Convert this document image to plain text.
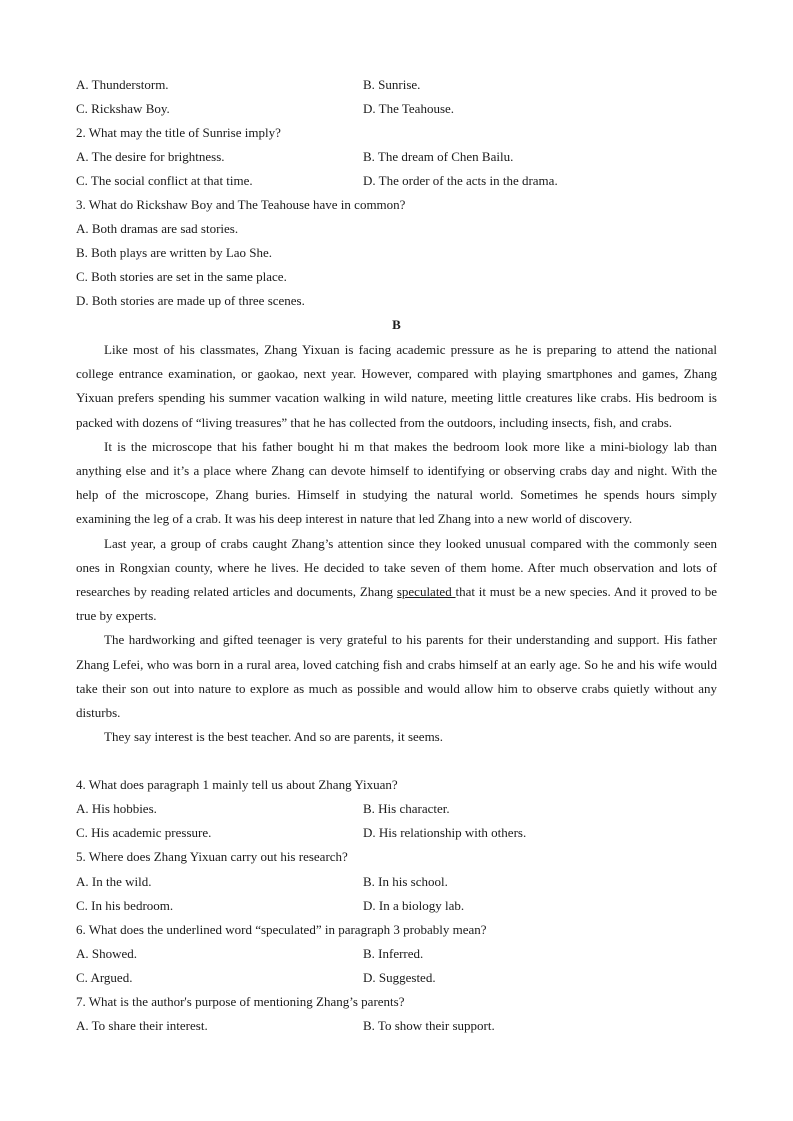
A. Thunderstorm.	B. Sunrise.
C. Rickshaw Boy.	D. The Teahouse.
2. What may the title of Sunrise imply?
A. The desire for brightness.	B. The dream of Chen Bailu.
C. The social conflict at that time.	D. The order of the acts in the drama.
3. What do Rickshaw Boy and The Teahouse have in common?
A. Both dramas are sad stories.
B. Both plays are written by Lao She.
C. Both stories are set in the same place.
D. Both stories are made up of three scenes.
B

Like most of his classmates, Zhang Yixuan is facing academic pressure as he is preparing to attend the national college entrance examination, or gaokao, next year. However, compared with playing smartphones and games, Zhang Yixuan prefers spending his summer vacation walking in wild nature, meeting little creatures like crabs. His bedroom is packed with dozens of “living treasures” that he has collected from the outdoors, including insects, fish, and crabs.

It is the microscope that his father bought hi m that makes the bedroom look more like a mini-biology lab than anything else and it’s a place where Zhang can devote himself to identifying or observing crabs day and night. With the help of the microscope, Zhang buries. Himself in studying the natural world. Sometimes he spends hours simply examining the leg of a crab. It was his deep interest in nature that led Zhang into a new world of discovery.

Last year, a group of crabs caught Zhang’s attention since they looked unusual compared with the commonly seen ones in Rongxian county, where he lives. He decided to take seven of them home. After much observation and lots of researches by reading related articles and documents, Zhang speculated that it must be a new species. And it proved to be true by experts.

The hardworking and gifted teenager is very grateful to his parents for their understanding and support. His father Zhang Lefei, who was born in a rural area, loved catching fish and crabs himself at an early age. So he and his wife would take their son out into nature to explore as much as possible and would allow him to observe crabs quietly without any disturbs.

They say interest is the best teacher. And so are parents, it seems.

4. What does paragraph 1 mainly tell us about Zhang Yixuan?
A. His hobbies.	B. His character.
C. His academic pressure.	D. His relationship with others.
5. Where does Zhang Yixuan carry out his research?
A. In the wild.	B. In his school.
C. In his bedroom.	D. In a biology lab.
6. What does the underlined word “speculated” in paragraph 3 probably mean?
A. Showed.	B. Inferred.
C. Argued.	D. Suggested.
7. What is the author's purpose of mentioning Zhang’s parents?
A. To share their interest.	B. To show their support.
